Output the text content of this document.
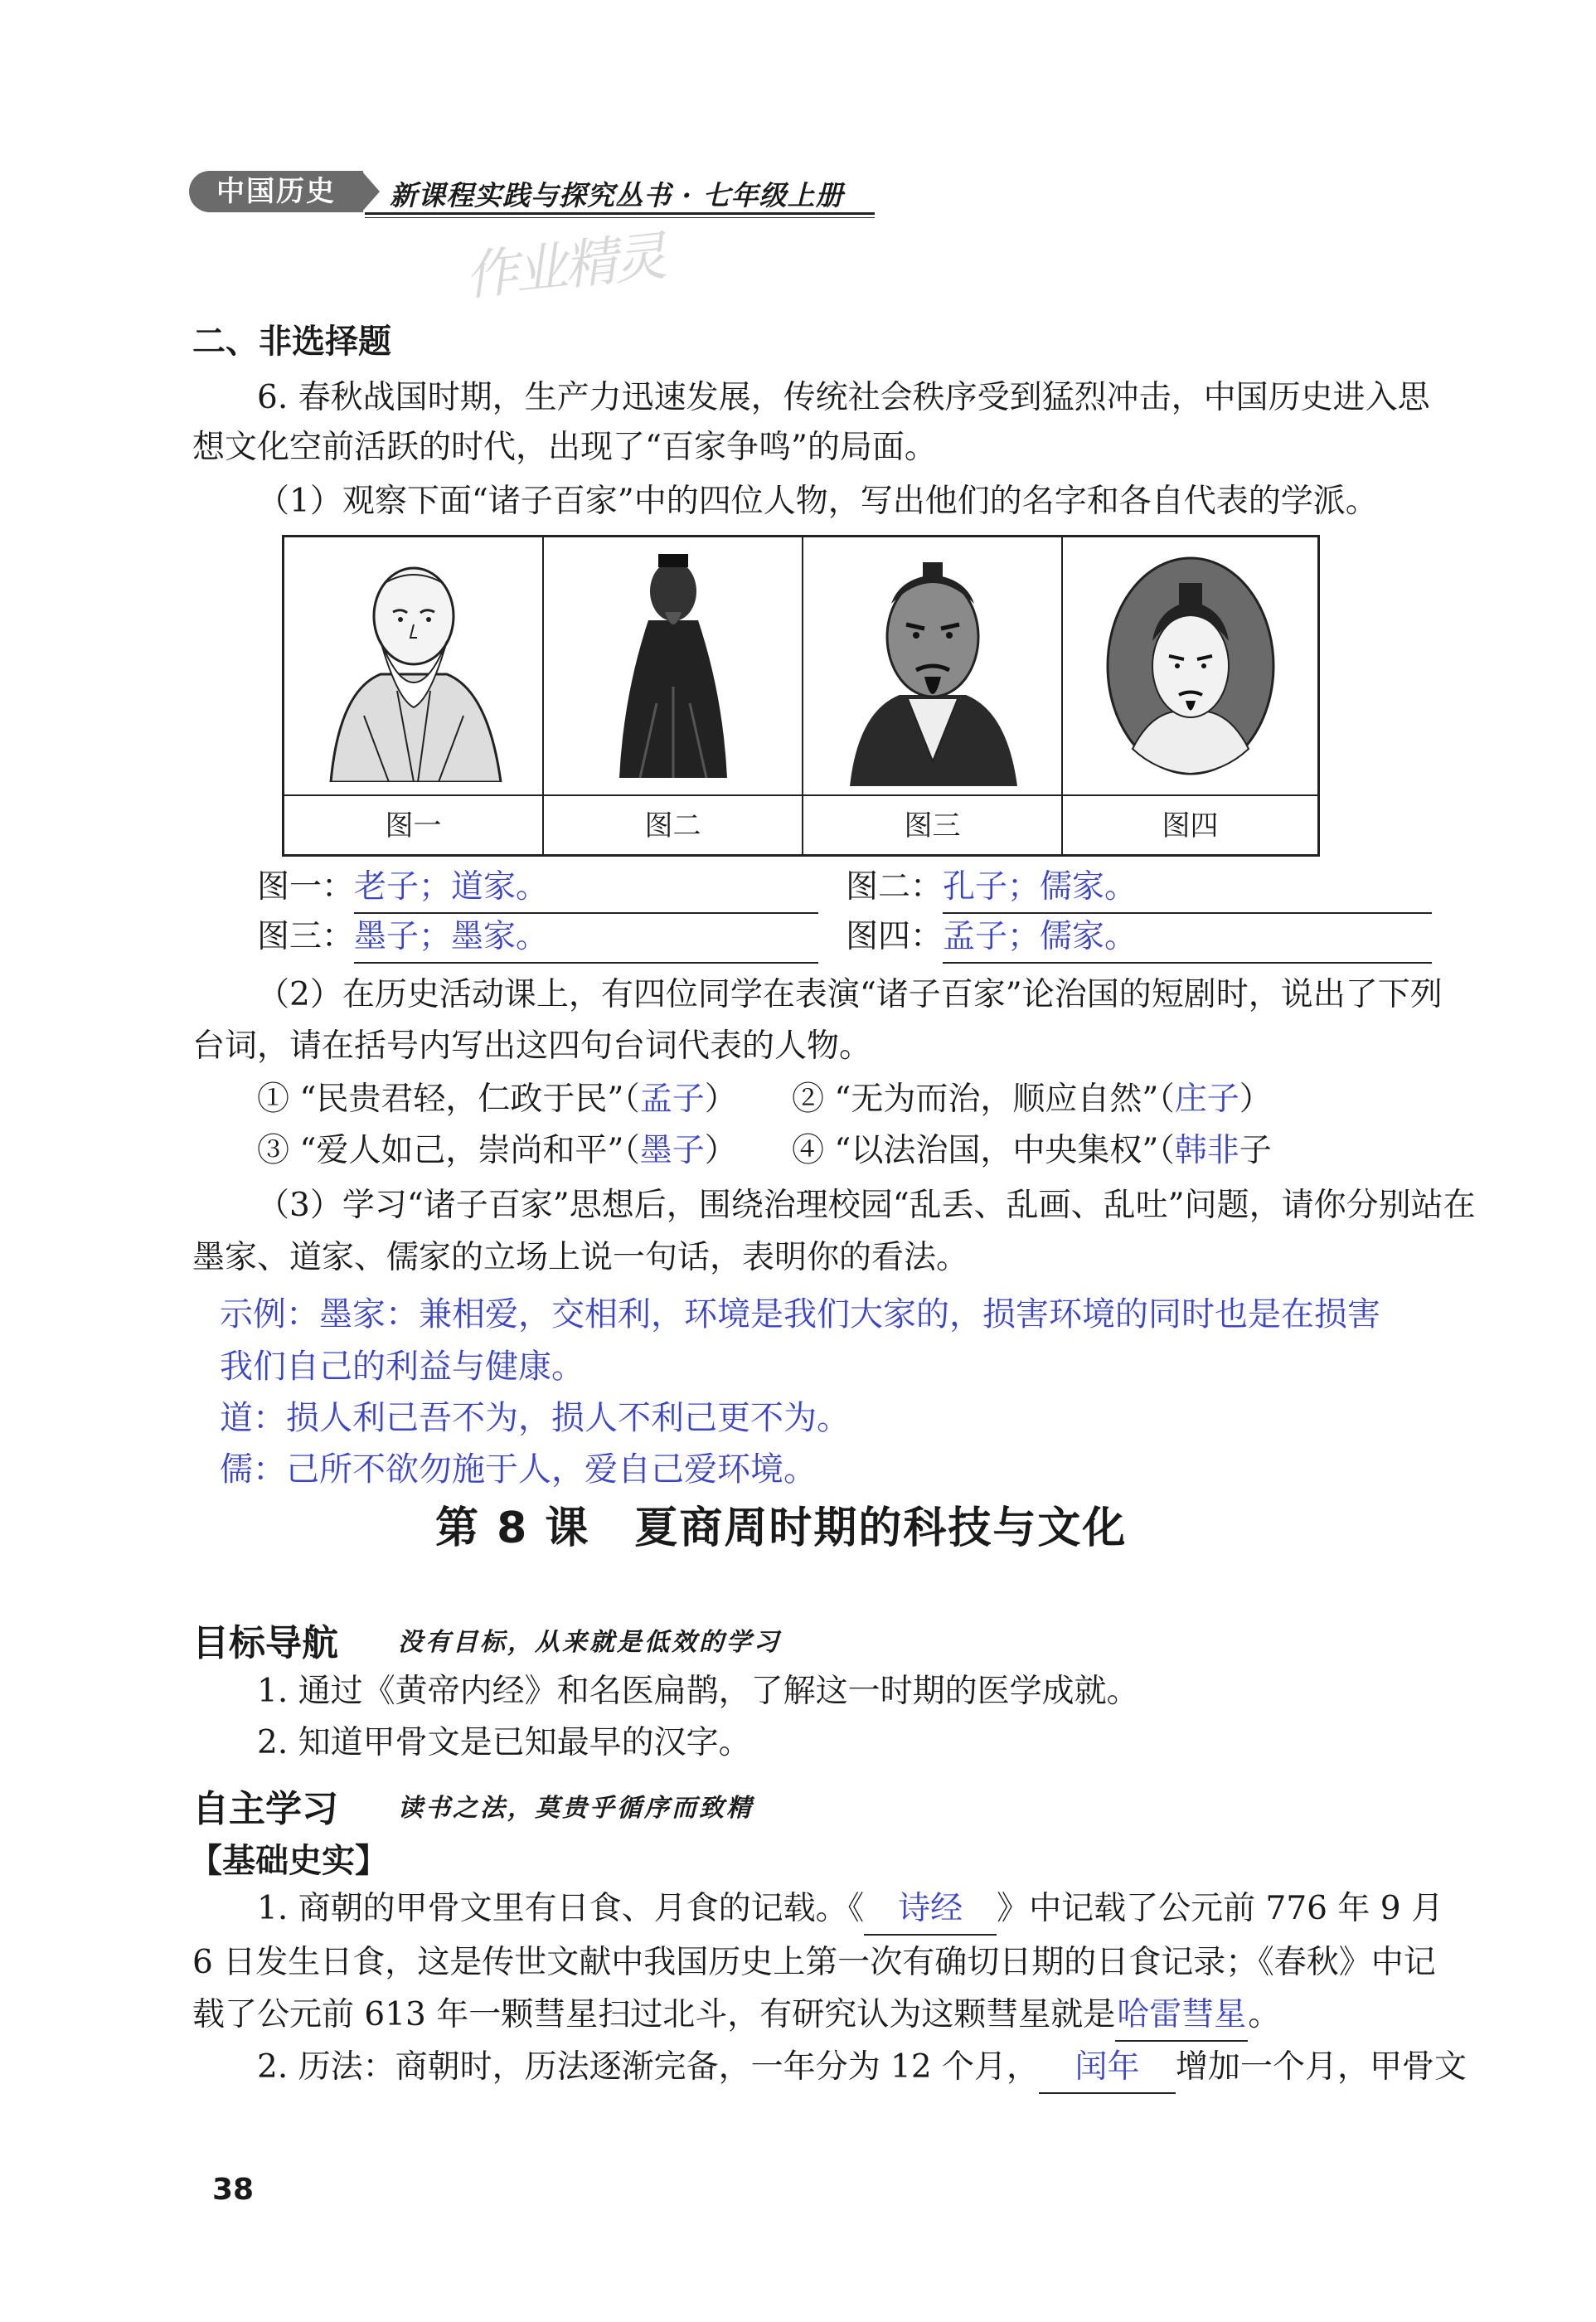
中国历史	新课程实践与探究丛书 · 七年级上册
作业精灵
二、非选择题
6. 春秋战国时期，生产力迅速发展，传统社会秩序受到猛烈冲击，中国历史进入思
想文化空前活跃的时代，出现了“百家争鸣”的局面。
（1）观察下面“诸子百家”中的四位人物，写出他们的名字和各自代表的学派。
图一	图二	图三	图四
图一：老子；道家。	图二：孔子；儒家。
图三：墨子；墨家。	图四：孟子；儒家。
（2）在历史活动课上，有四位同学在表演“诸子百家”论治国的短剧时，说出了下列
台词，请在括号内写出这四句台词代表的人物。
① “民贵君轻，仁政于民”（孟子） ② “无为而治，顺应自然”（庄子）
③ “爱人如己，崇尚和平”（墨子） ④ “以法治国，中央集权”（韩非子
（3）学习“诸子百家”思想后，围绕治理校园“乱丢、乱画、乱吐”问题，请你分别站在
墨家、道家、儒家的立场上说一句话，表明你的看法。
示例：墨家：兼相爱，交相利，环境是我们大家的，损害环境的同时也是在损害
我们自己的利益与健康。
道：损人利己吾不为，损人不利己更不为。
儒：己所不欲勿施于人，爱自己爱环境。
第 8 课　夏商周时期的科技与文化
目标导航 没有目标，从来就是低效的学习
1. 通过《黄帝内经》和名医扁鹊，了解这一时期的医学成就。
2. 知道甲骨文是已知最早的汉字。
自主学习 读书之法，莫贵乎循序而致精
【基础史实】
1. 商朝的甲骨文里有日食、月食的记载。《 诗经 》中记载了公元前 776 年 9 月
6 日发生日食，这是传世文献中我国历史上第一次有确切日期的日食记录；《春秋》中记
载了公元前 613 年一颗彗星扫过北斗，有研究认为这颗彗星就是哈雷彗星。
2. 历法：商朝时，历法逐渐完备，一年分为 12 个月， 闰年 增加一个月，甲骨文
38
